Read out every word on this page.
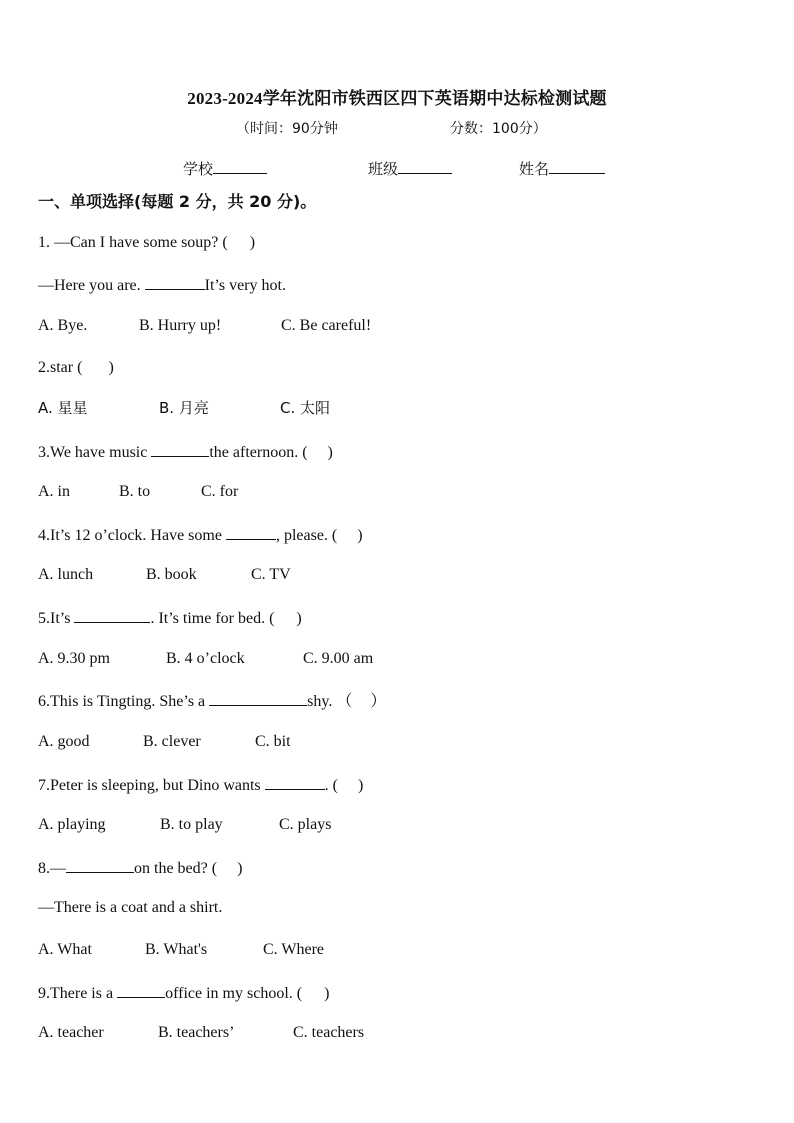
2023-2024学年沈阳市铁西区四下英语期中达标检测试题
（时间：90分钟	分数：100分）
学校	班级	姓名
一、单项选择(每题 2 分，共 20 分)。
1. —Can I have some soup? ( )
—Here you are.	It’s very hot.
A. Bye.	B. Hurry up!	C. Be careful!
2.star ( )
A. 星星	B. 月亮	C. 太阳
3.We have music	the afternoon. ( )
A. in	B. to	C. for
4.It’s 12 o’clock. Have some	, please. ( )
A. lunch	B. book	C. TV
5.It’s	. It’s time for bed. ( )
A. 9.30 pm	B. 4 o’clock	C. 9.00 am
6.This is Tingting. She’s a	shy. （ ）
A. good	B. clever	C. bit
7.Peter is sleeping, but Dino wants	. ( )
A. playing	B. to play	C. plays
8.—	on the bed? ( )
—There is a coat and a shirt.
A. What	B. What's	C. Where
9.There is a	office in my school. ( )
A. teacher	B. teachers’	C. teachers
